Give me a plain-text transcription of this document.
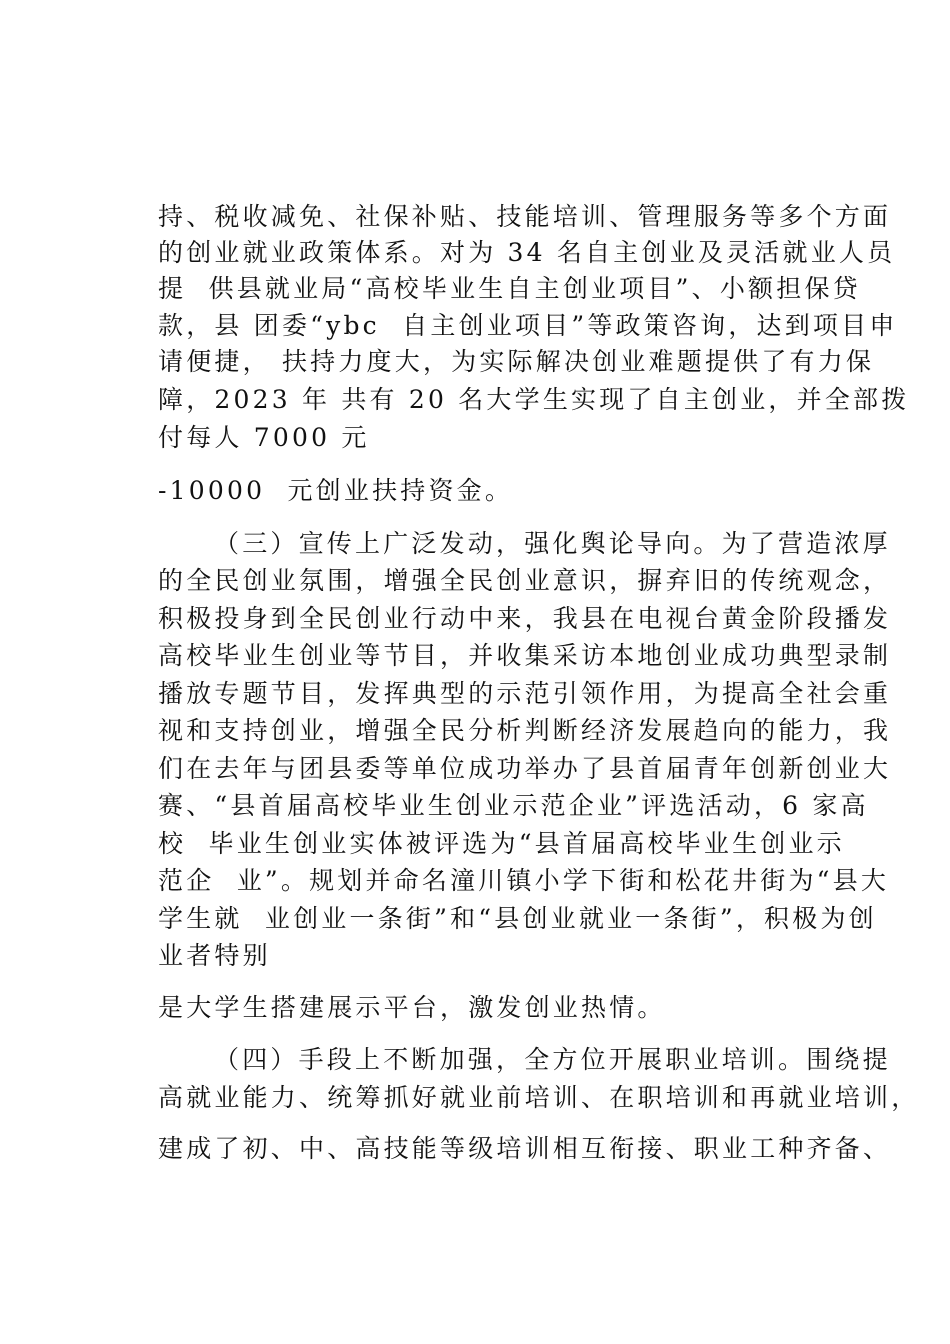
持、税收减免、社保补贴、技能培训、管理服务等多个方面
的创业就业政策体系。对为 34 名自主创业及灵活就业人员
提  供县就业局“高校毕业生自主创业项目”、小额担保贷
款，县 团委“ybc  自主创业项目”等政策咨询，达到项目申
请便捷， 扶持力度大，为实际解决创业难题提供了有力保
障，2023 年 共有 20 名大学生实现了自主创业，并全部拨
付每人 7000 元
-10000  元创业扶持资金。
（三）宣传上广泛发动，强化舆论导向。为了营造浓厚
的全民创业氛围，增强全民创业意识，摒弃旧的传统观念，
积极投身到全民创业行动中来，我县在电视台黄金阶段播发
高校毕业生创业等节目，并收集采访本地创业成功典型录制
播放专题节目，发挥典型的示范引领作用，为提高全社会重
视和支持创业，增强全民分析判断经济发展趋向的能力，我
们在去年与团县委等单位成功举办了县首届青年创新创业大
赛、“县首届高校毕业生创业示范企业”评选活动，6 家高
校  毕业生创业实体被评选为“县首届高校毕业生创业示
范企  业”。规划并命名潼川镇小学下街和松花井街为“县大
学生就  业创业一条街”和“县创业就业一条街”，积极为创
业者特别
是大学生搭建展示平台，激发创业热情。
（四）手段上不断加强，全方位开展职业培训。围绕提
高就业能力、统筹抓好就业前培训、在职培训和再就业培训，
建成了初、中、高技能等级培训相互衔接、职业工种齐备、
